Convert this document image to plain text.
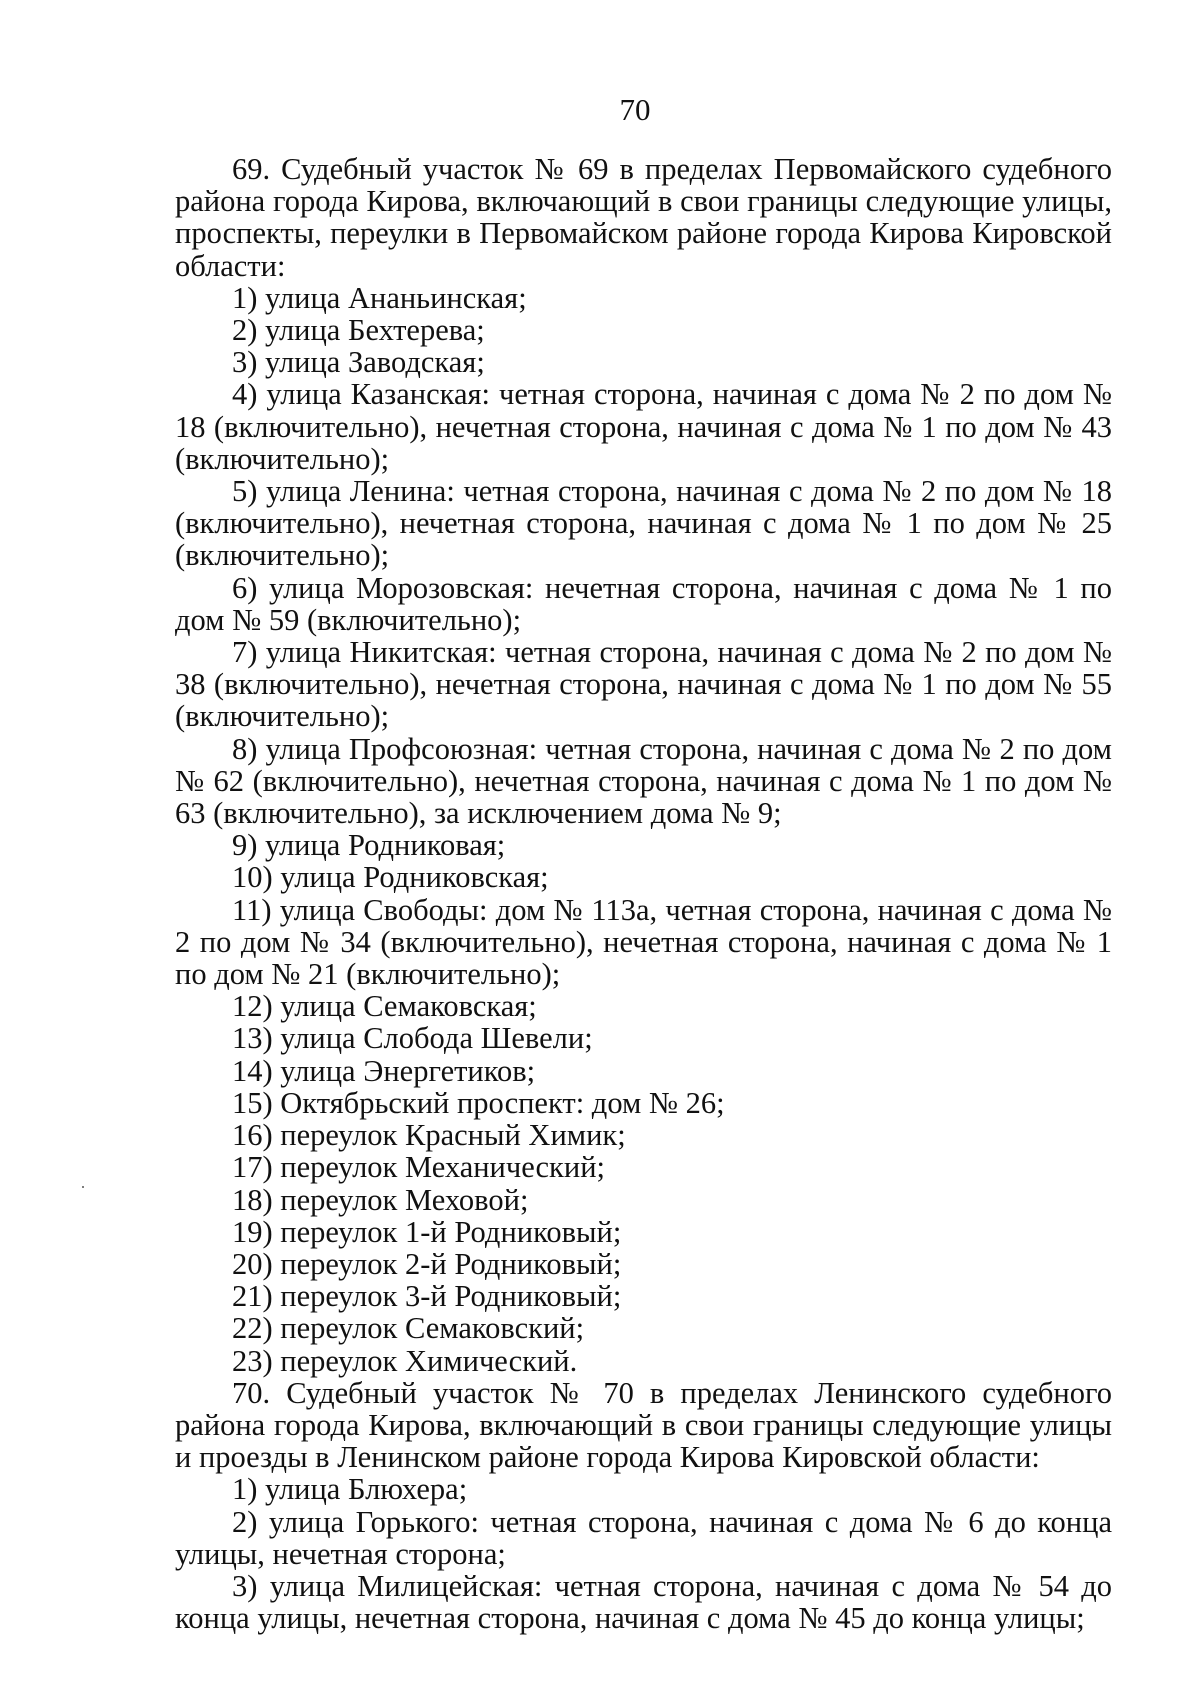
70

69. Судебный участок № 69 в пределах Первомайского судебного района города Кирова, включающий в свои границы следующие улицы, проспекты, переулки в Первомайском районе города Кирова Кировской области:

1) улица Ананьинская;

2) улица Бехтерева;

3) улица Заводская;

4) улица Казанская: четная сторона, начиная с дома № 2 по дом № 18 (включительно), нечетная сторона, начиная с дома № 1 по дом № 43 (включительно);

5) улица Ленина: четная сторона, начиная с дома № 2 по дом № 18 (включительно), нечетная сторона, начиная с дома № 1 по дом № 25 (включительно);

6) улица Морозовская: нечетная сторона, начиная с дома № 1 по дом № 59 (включительно);

7) улица Никитская: четная сторона, начиная с дома № 2 по дом № 38 (включительно), нечетная сторона, начиная с дома № 1 по дом № 55 (включительно);

8) улица Профсоюзная: четная сторона, начиная с дома № 2 по дом № 62 (включительно), нечетная сторона, начиная с дома № 1 по дом № 63 (включительно), за исключением дома № 9;

9) улица Родниковая;

10) улица Родниковская;

11) улица Свободы: дом № 113а, четная сторона, начиная с дома № 2 по дом № 34 (включительно), нечетная сторона, начиная с дома № 1 по дом № 21 (включительно);

12) улица Семаковская;

13) улица Слобода Шевели;

14) улица Энергетиков;

15) Октябрьский проспект: дом № 26;

16) переулок Красный Химик;

17) переулок Механический;

18) переулок Меховой;

19) переулок 1-й Родниковый;

20) переулок 2-й Родниковый;

21) переулок 3-й Родниковый;

22) переулок Семаковский;

23) переулок Химический.

70. Судебный участок № 70 в пределах Ленинского судебного района города Кирова, включающий в свои границы следующие улицы и проезды в Ленинском районе города Кирова Кировской области:

1) улица Блюхера;

2) улица Горького: четная сторона, начиная с дома № 6 до конца улицы, нечетная сторона;

3) улица Милицейская: четная сторона, начиная с дома № 54 до конца улицы, нечетная сторона, начиная с дома № 45 до конца улицы;
